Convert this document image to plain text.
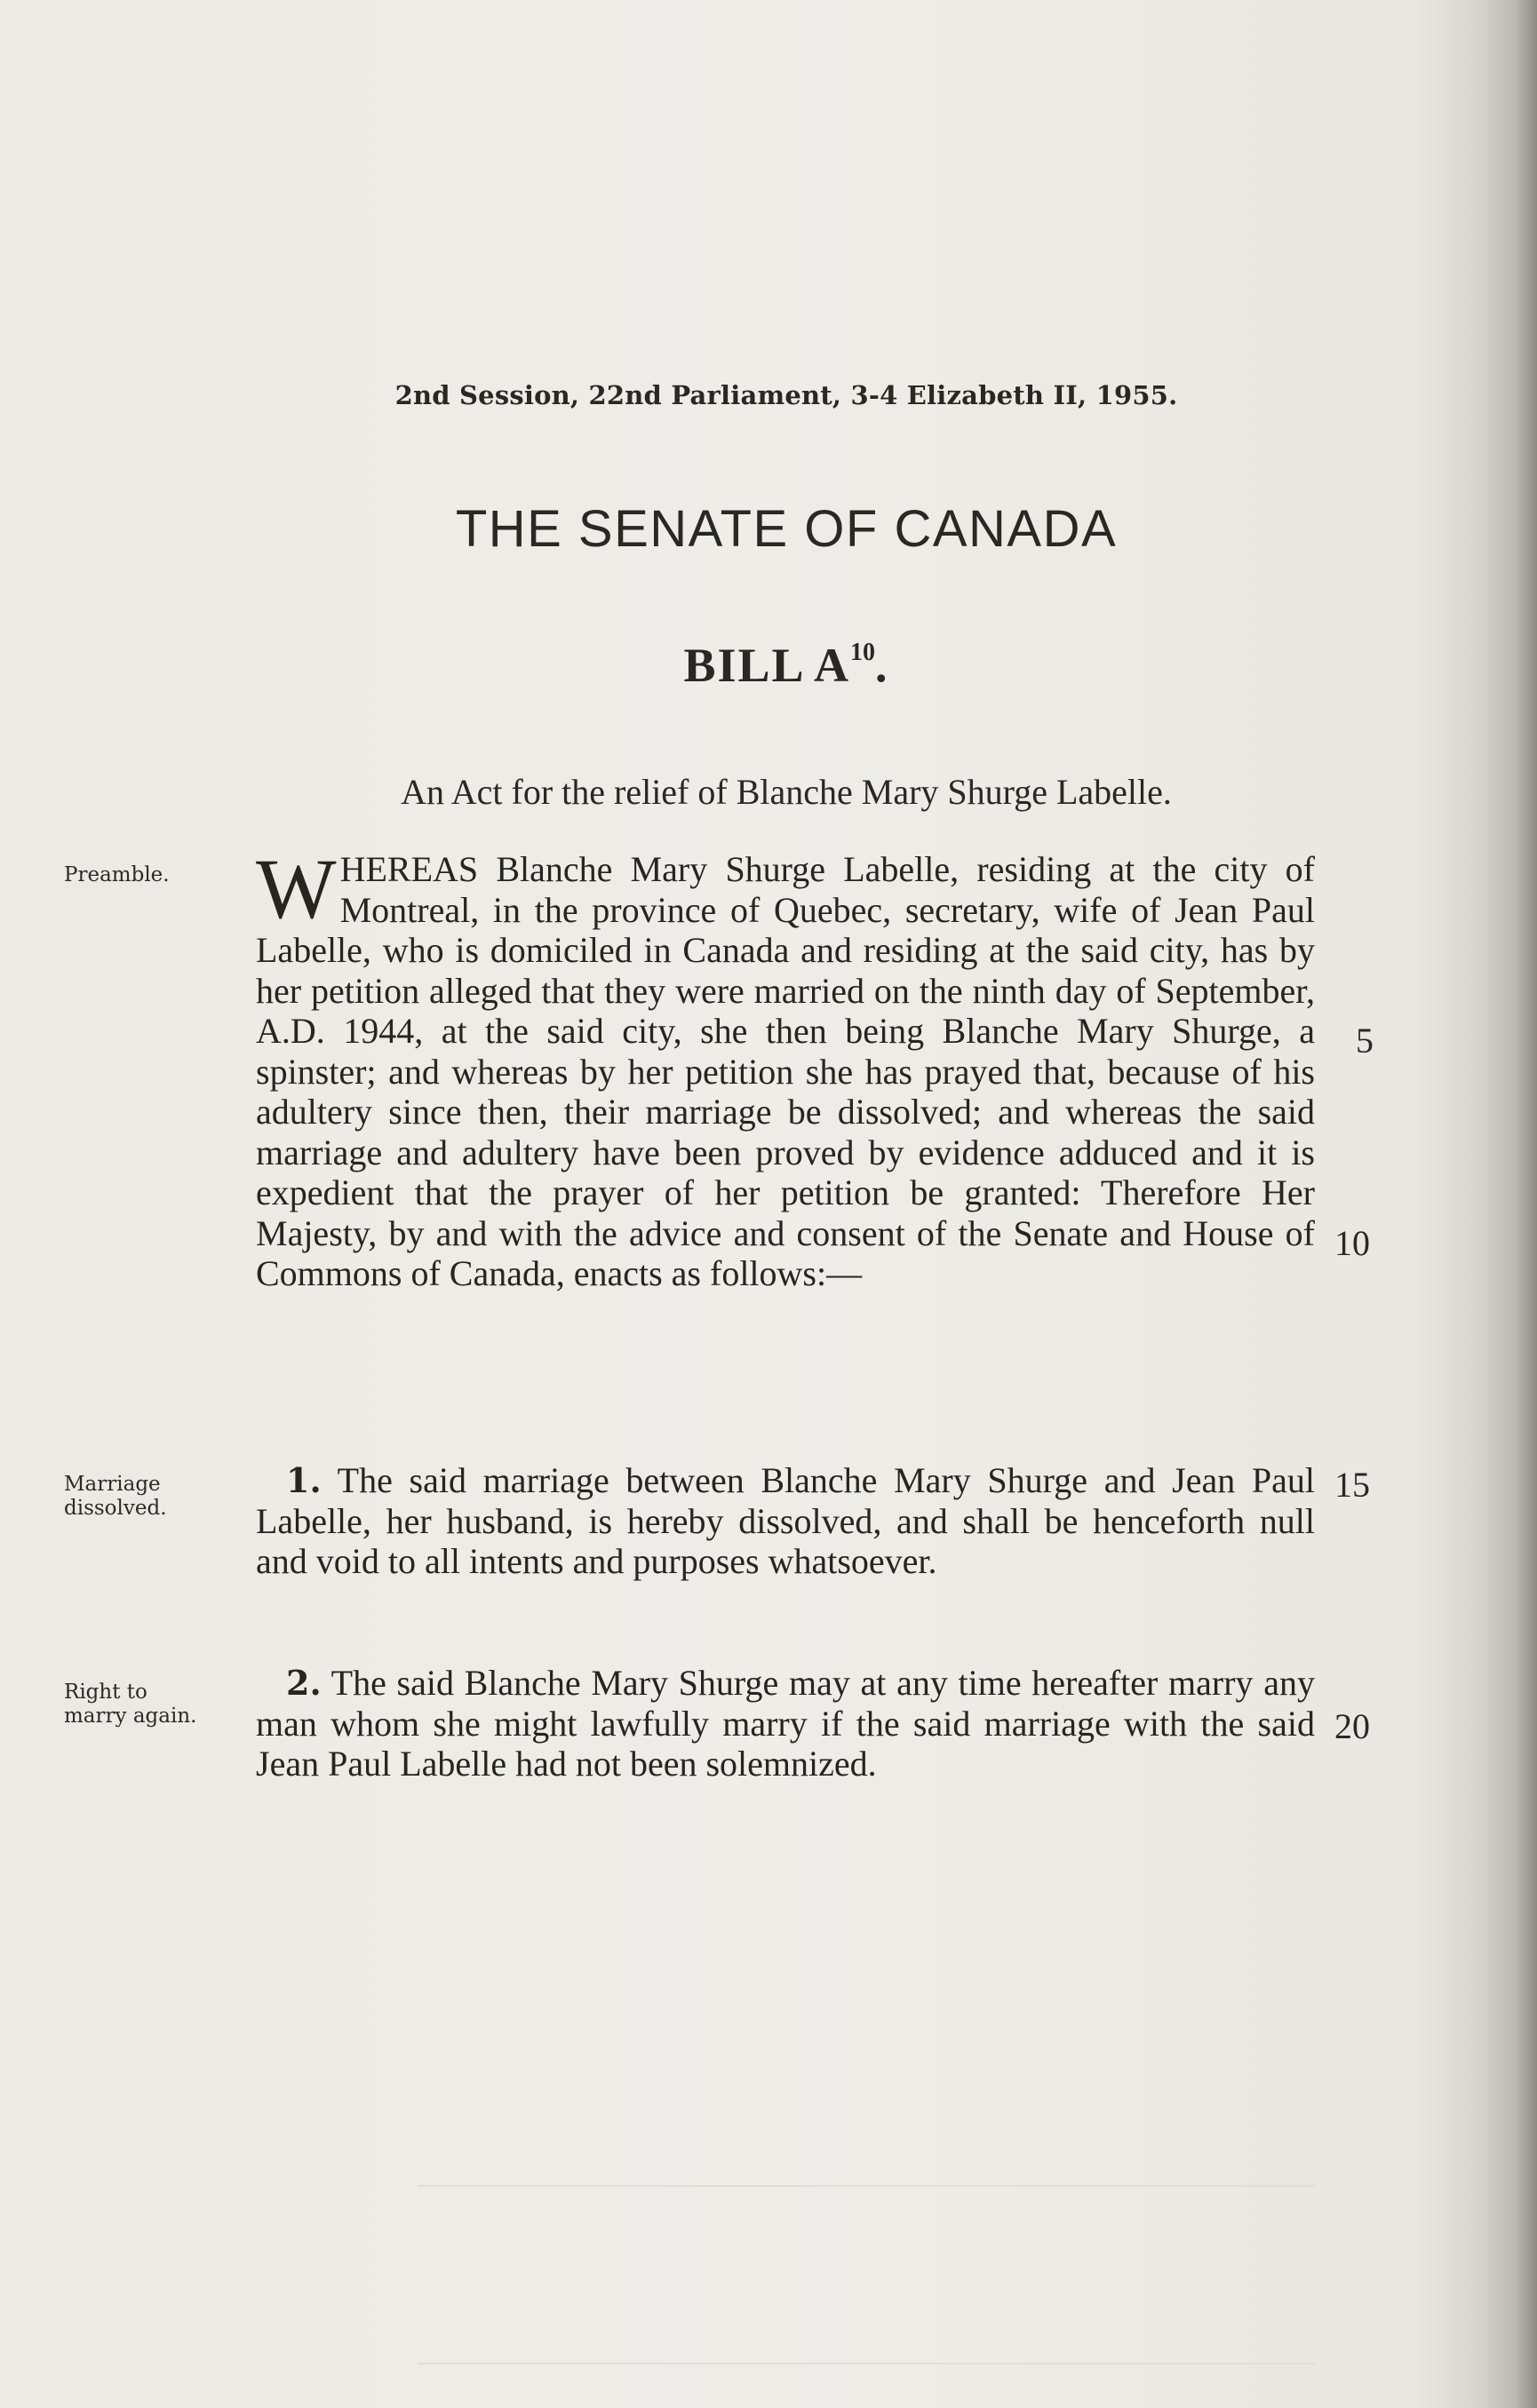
2nd Session, 22nd Parliament, 3-4 Elizabeth II, 1955.
THE SENATE OF CANADA
BILL $A^{10}$.
An Act for the relief of Blanche Mary Shurge Labelle.
Preamble.	WHEREAS Blanche Mary Shurge Labelle, residing at the city of Montreal, in the province of Quebec, secretary, wife of Jean Paul Labelle, who is domiciled in Canada and residing at the said city, has by her petition alleged that they were married on the ninth day of September, A.D. 1944, at the said city, she then being Blanche Mary Shurge, a spinster; and whereas by her petition she has prayed that, because of his adultery since then, their marriage be dissolved; and whereas the said marriage and adultery have been proved by evidence adduced and it is expedient that the prayer of her petition be granted: Therefore Her Majesty, by and with the advice and consent of the Senate and House of Commons of Canada, enacts as follows:—

Marriage
dissolved.

1. The said marriage between Blanche Mary Shurge and Jean Paul Labelle, her husband, is hereby dissolved, and shall be henceforth null and void to all intents and purposes whatsoever.

Right to
marry again.

2. The said Blanche Mary Shurge may at any time hereafter marry any man whom she might lawfully marry if the said marriage with the said Jean Paul Labelle had not been solemnized.

5
10
15
20
